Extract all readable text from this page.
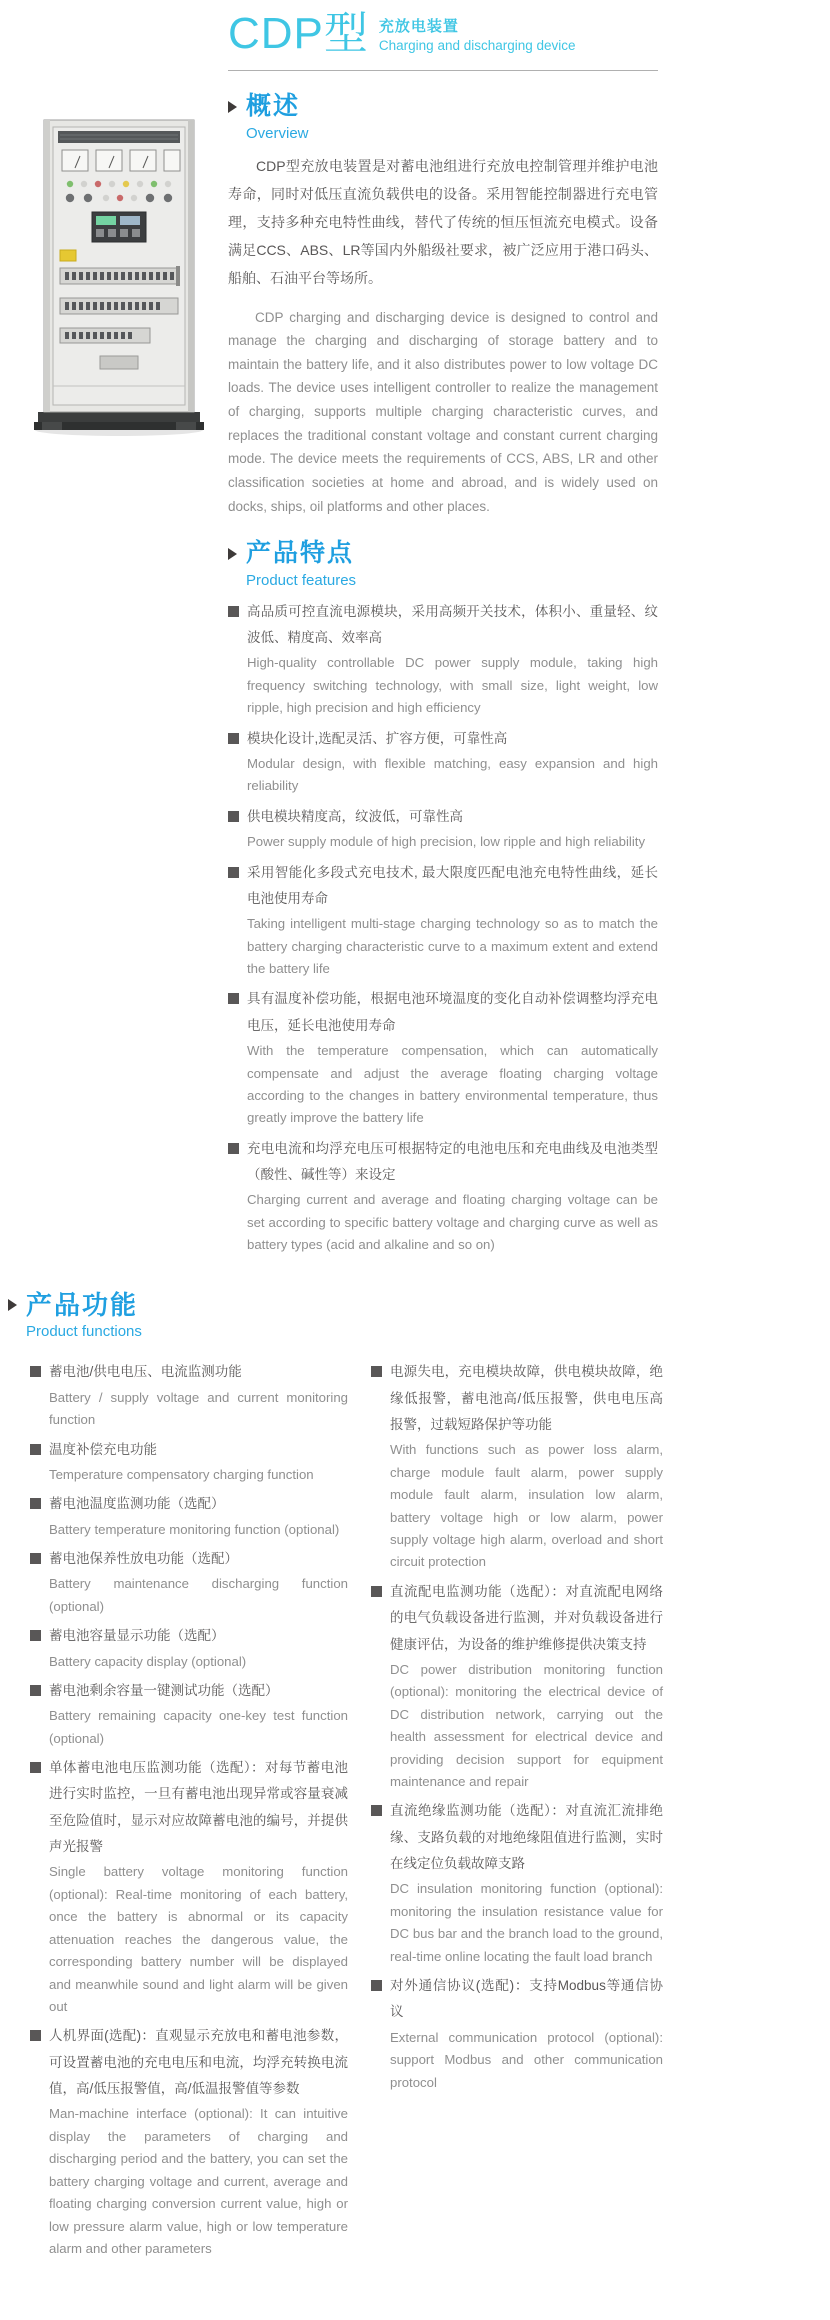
CDP型 充放电装置
Charging and discharging device
概述
Overview

CDP型充放电装置是对蓄电池组进行充放电控制管理并维护电池寿命，同时对低压直流负载供电的设备。采用智能控制器进行充电管理，支持多种充电特性曲线，替代了传统的恒压恒流充电模式。设备满足CCS、ABS、LR等国内外船级社要求，被广泛应用于港口码头、船舶、石油平台等场所。

CDP charging and discharging device is designed to control and manage the charging and discharging of storage battery and to maintain the battery life, and it also distributes power to low voltage DC loads. The device uses intelligent controller to realize the management of charging, supports multiple charging characteristic curves, and replaces the traditional constant voltage and constant current charging mode. The device meets the requirements of CCS, ABS, LR and other classification societies at home and abroad, and is widely used on docks, ships, oil platforms and other places.

产品特点
Product features
高品质可控直流电源模块，采用高频开关技术，体积小、重量轻、纹波低、精度高、效率高
High-quality controllable DC power supply module, taking high frequency switching technology, with small size, light weight, low ripple, high precision and high efficiency
模块化设计,选配灵活、扩容方便，可靠性高
Modular design, with flexible matching, easy expansion and high reliability
供电模块精度高，纹波低，可靠性高
Power supply module of high precision, low ripple and high reliability
采用智能化多段式充电技术, 最大限度匹配电池充电特性曲线，延长电池使用寿命
Taking intelligent multi-stage charging technology so as to match the battery charging characteristic curve to a maximum extent and extend the battery life
具有温度补偿功能，根据电池环境温度的变化自动补偿调整均浮充电电压，延长电池使用寿命
With the temperature compensation, which can automatically compensate and adjust the average floating charging voltage according to the changes in battery environmental temperature, thus greatly improve the battery life
充电电流和均浮充电压可根据特定的电池电压和充电曲线及电池类型（酸性、碱性等）来设定
Charging current and average and floating charging voltage can be set according to specific battery voltage and charging curve as well as battery types (acid and alkaline and so on)
产品功能
Product functions
蓄电池/供电电压、电流监测功能
Battery / supply voltage and current monitoring function
温度补偿充电功能
Temperature compensatory charging function
蓄电池温度监测功能（选配）
Battery temperature monitoring function (optional)
蓄电池保养性放电功能（选配）
Battery maintenance discharging function (optional)
蓄电池容量显示功能（选配）
Battery capacity display (optional)
蓄电池剩余容量一键测试功能（选配）
Battery remaining capacity one-key test function (optional)
单体蓄电池电压监测功能（选配）：对每节蓄电池进行实时监控，一旦有蓄电池出现异常或容量衰减至危险值时，显示对应故障蓄电池的编号，并提供声光报警
Single battery voltage monitoring function (optional): Real-time monitoring of each battery, once the battery is abnormal or its capacity attenuation reaches the dangerous value, the corresponding battery number will be displayed and meanwhile sound and light alarm will be given out
人机界面(选配)：直观显示充放电和蓄电池参数，可设置蓄电池的充电电压和电流，均浮充转换电流值，高/低压报警值，高/低温报警值等参数
Man-machine interface (optional): It can intuitive display the parameters of charging and discharging period and the battery, you can set the battery charging voltage and current, average and floating charging conversion current value, high or low pressure alarm value, high or low temperature alarm and other parameters
电源失电，充电模块故障，供电模块故障，绝缘低报警，蓄电池高/低压报警，供电电压高报警，过载短路保护等功能
With functions such as power loss alarm, charge module fault alarm, power supply module fault alarm, insulation low alarm, battery voltage high or low alarm, power supply voltage high alarm, overload and short circuit protection
直流配电监测功能（选配）：对直流配电网络的电气负载设备进行监测，并对负载设备进行健康评估，为设备的维护维修提供决策支持
DC power distribution monitoring function (optional): monitoring the electrical device of DC distribution network, carrying out the health assessment for electrical device and providing decision support for equipment maintenance and repair
直流绝缘监测功能（选配）：对直流汇流排绝缘、支路负载的对地绝缘阻值进行监测，实时在线定位负载故障支路
DC insulation monitoring function (optional): monitoring the insulation resistance value for DC bus bar and the branch load to the ground, real-time online locating the fault load branch
对外通信协议(选配)：支持Modbus等通信协议
External communication protocol (optional): support Modbus and other communication protocol
